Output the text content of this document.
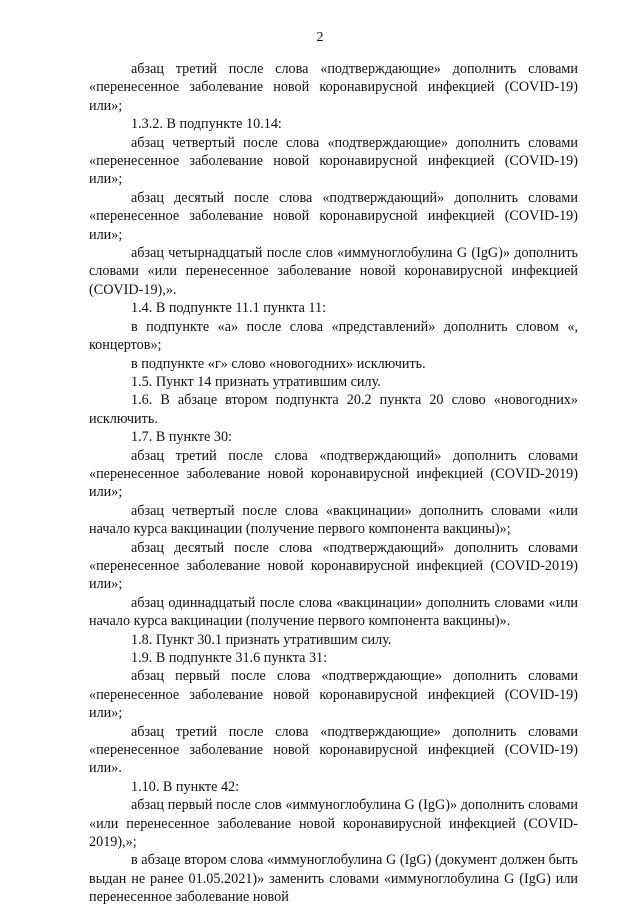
2

абзац третий после слова «подтверждающие» дополнить словами «перенесенное заболевание новой коронавирусной инфекцией (COVID-19) или»;

1.3.2. В подпункте 10.14:

абзац четвертый после слова «подтверждающие» дополнить словами «перенесенное заболевание новой коронавирусной инфекцией (COVID-19) или»;

абзац десятый после слова «подтверждающий» дополнить словами «перенесенное заболевание новой коронавирусной инфекцией (COVID-19) или»;

абзац четырнадцатый после слов «иммуноглобулина G (IgG)» дополнить словами «или перенесенное заболевание новой коронавирусной инфекцией (COVID-19),».

1.4. В подпункте 11.1 пункта 11:

в подпункте «а» после слова «представлений» дополнить словом «, концертов»;

в подпункте «г» слово «новогодних» исключить.

1.5. Пункт 14 признать утратившим силу.

1.6. В абзаце втором подпункта 20.2 пункта 20 слово «новогодних» исключить.

1.7. В пункте 30:

абзац третий после слова «подтверждающий» дополнить словами «перенесенное заболевание новой коронавирусной инфекцией (COVID-2019) или»;

абзац четвертый после слова «вакцинации» дополнить словами «или начало курса вакцинации (получение первого компонента вакцины)»;

абзац десятый после слова «подтверждающий» дополнить словами «перенесенное заболевание новой коронавирусной инфекцией (COVID-2019) или»;

абзац одиннадцатый после слова «вакцинации» дополнить словами «или начало курса вакцинации (получение первого компонента вакцины)».

1.8. Пункт 30.1 признать утратившим силу.

1.9. В подпункте 31.6 пункта 31:

абзац первый после слова «подтверждающие» дополнить словами «перенесенное заболевание новой коронавирусной инфекцией (COVID-19) или»;

абзац третий после слова «подтверждающие» дополнить словами «перенесенное заболевание новой коронавирусной инфекцией (COVID-19) или».

1.10. В пункте 42:

абзац первый после слов «иммуноглобулина G (IgG)» дополнить словами «или перенесенное заболевание новой коронавирусной инфекцией (COVID-2019),»;

в абзаце втором слова «иммуноглобулина G (IgG) (документ должен быть выдан не ранее 01.05.2021)» заменить словами «иммуноглобулина G (IgG) или перенесенное заболевание новой
